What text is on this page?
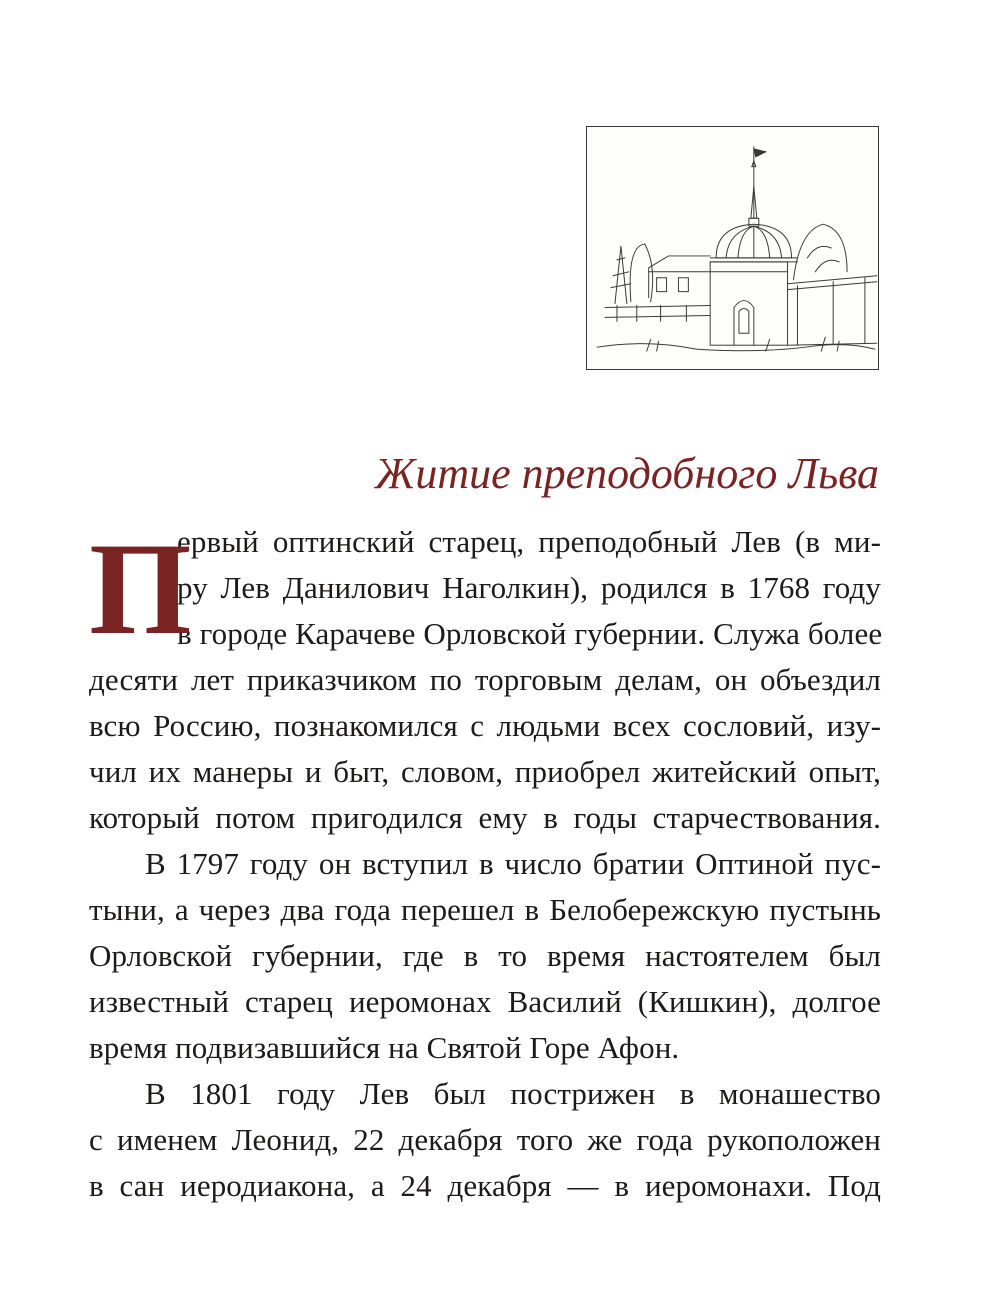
Житие преподобного Льва
П

ервый оптинский старец, преподобный Лев (в ми-

ру Лев Данилович Наголкин), родился в 1768 году

в городе Карачеве Орловской губернии. Служа более

десяти лет приказчиком по торговым делам, он объездил

всю Россию, познакомился с людьми всех сословий, изу-

чил их манеры и быт, словом, приобрел житейский опыт,

который потом пригодился ему в годы старчествования.

В 1797 году он вступил в число братии Оптиной пус-

тыни, а через два года перешел в Белобережскую пустынь

Орловской губернии, где в то время настоятелем был

известный старец иеромонах Василий (Кишкин), долгое

время подвизавшийся на Святой Горе Афон.

В 1801 году Лев был пострижен в монашество

с именем Леонид, 22 декабря того же года рукоположен

в сан иеродиакона, а 24 декабря — в иеромонахи. Под
